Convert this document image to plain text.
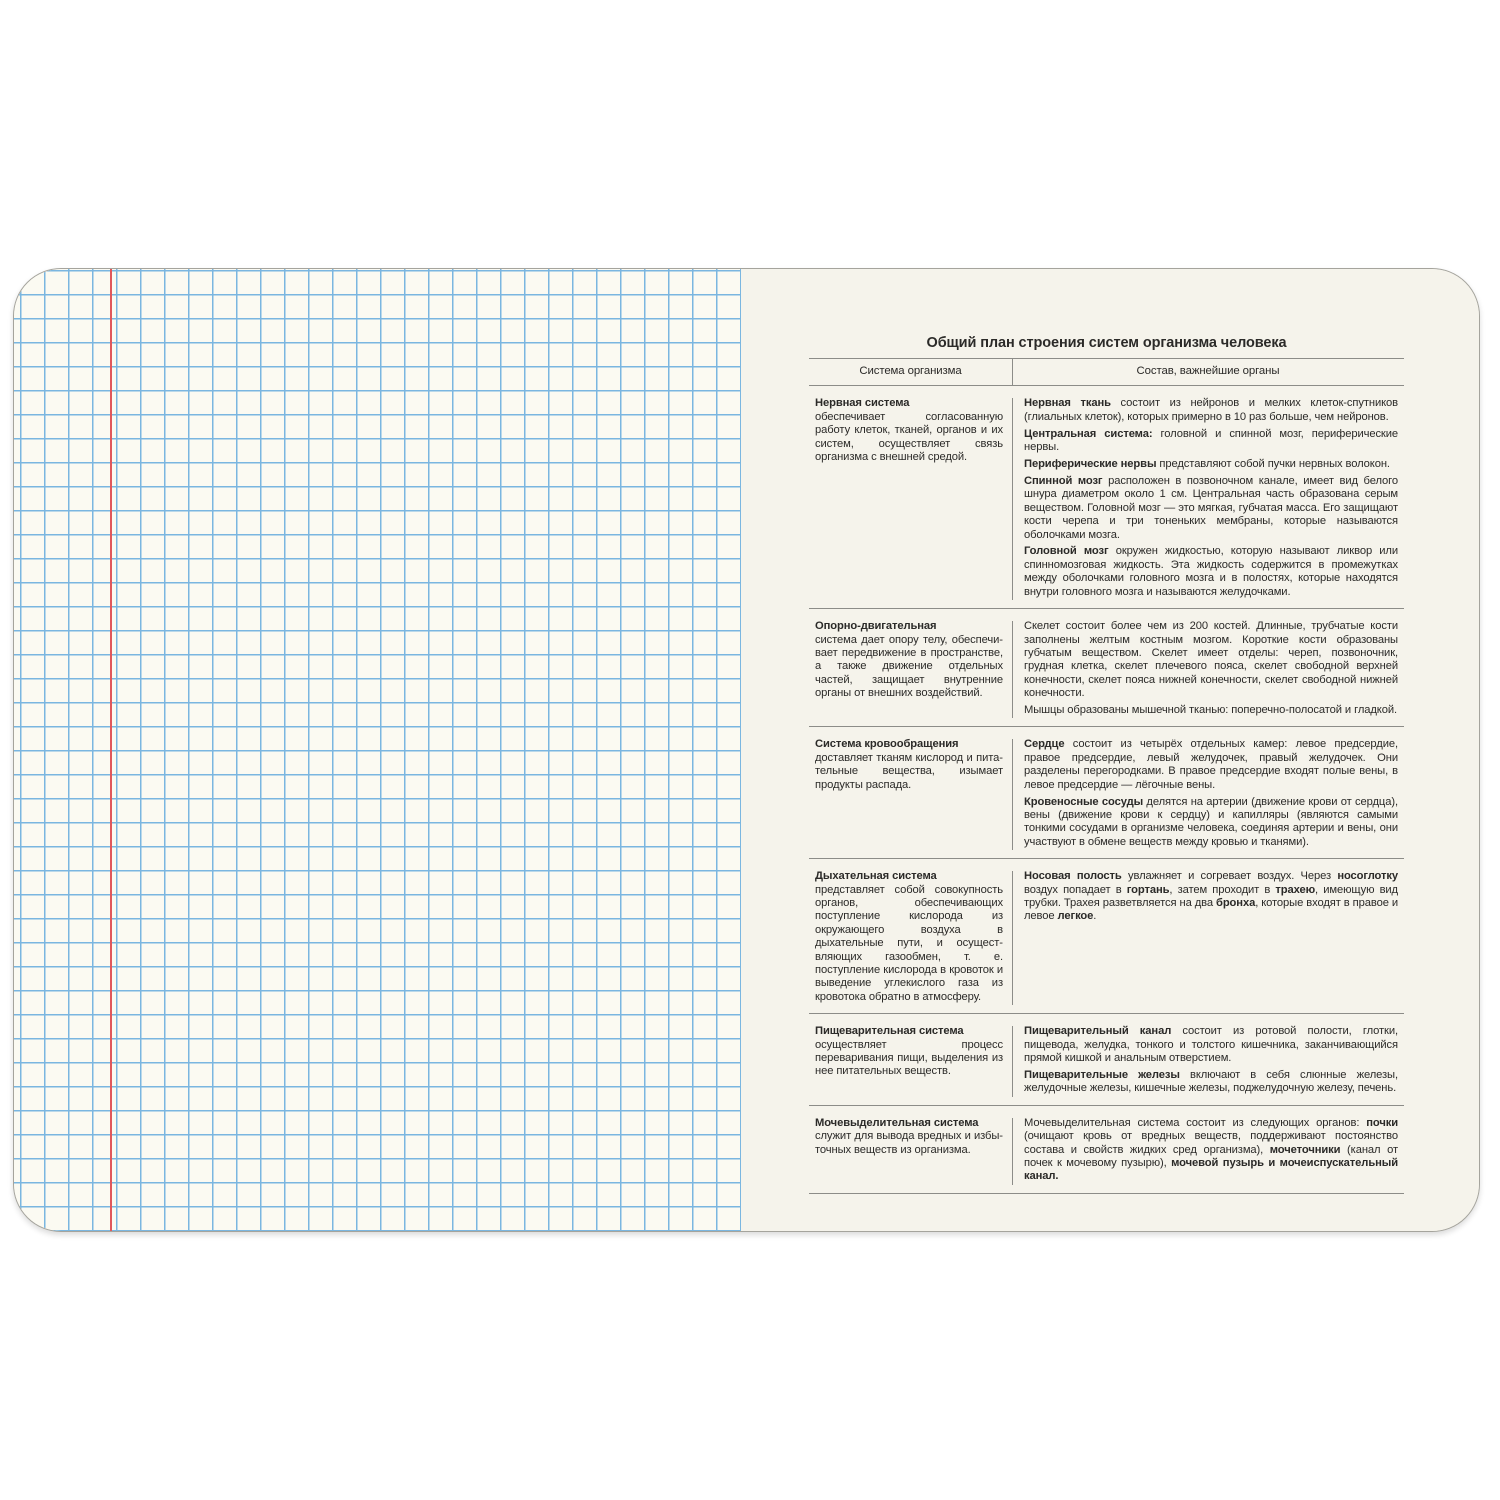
Общий план строения систем организма человека
Система организма	Состав, важнейшие органы

Нервная система
обеспечивает согласованную работу клеток, тканей, органов и их систем, осуществляет связь организма с внешней средой.

Нервная ткань состоит из нейронов и мелких клеток-спутников (глиальных клеток), которых примерно в 10 раз больше, чем нейронов.

Центральная система: головной и спинной мозг, периферические нервы.

Периферические нервы представляют собой пучки нервных волокон.

Спинной мозг расположен в позвоночном канале, имеет вид белого шнура диаметром около 1 см. Центральная часть образована серым веществом. Головной мозг — это мягкая, губчатая масса. Его защищают кости черепа и три тоненьких мембраны, которые называются оболочками мозга.

Головной мозг окружен жидкостью, которую называют ликвор или спинномозговая жидкость. Эта жидкость содержится в промежутках между оболочками головного мозга и в полостях, которые находятся внутри головного мозга и называются желудочками.

Опорно-двигательная
система дает опору телу, обеспечивает передвижение в пространстве, а также движение отдельных частей, защищает внутренние органы от внешних воздействий.

Скелет состоит более чем из 200 костей. Длинные, трубчатые кости заполнены желтым костным мозгом. Короткие кости образованы губчатым веществом. Скелет имеет отделы: череп, позвоночник, грудная клетка, скелет плечевого пояса, скелет свободной верхней конечности, скелет пояса нижней конечности, скелет свободной нижней конечности.

Мышцы образованы мышечной тканью: поперечно-полосатой и гладкой.

Система кровообращения
доставляет тканям кислород и питательные вещества, изымает продукты распада.

Сердце состоит из четырёх отдельных камер: левое предсердие, правое предсердие, левый желудочек, правый желудочек. Они разделены перегородками. В правое предсердие входят полые вены, в левое предсердие — лёгочные вены.

Кровеносные сосуды делятся на артерии (движение крови от сердца), вены (движение крови к сердцу) и капилляры (являются самыми тонкими сосудами в организме человека, соединяя артерии и вены, они участвуют в обмене веществ между кровью и тканями).

Дыхательная система
представляет собой совокупность органов, обеспечивающих поступление кислорода из окружающего воздуха в дыхательные пути, и осуществляющих газообмен, т. е. поступление кислорода в кровоток и выведение углекислого газа из кровотока обратно в атмосферу.

Носовая полость увлажняет и согревает воздух. Через носоглотку воздух попадает в гортань, затем проходит в трахею, имеющую вид трубки. Трахея разветвляется на два бронха, которые входят в правое и левое легкое.

Пищеварительная система
осуществляет процесс переваривания пищи, выделения из нее питательных веществ.

Пищеварительный канал состоит из ротовой полости, глотки, пищевода, желудка, тонкого и толстого кишечника, заканчивающийся прямой кишкой и анальным отверстием.

Пищеварительные железы включают в себя слюнные железы, желудочные железы, кишечные железы, поджелудочную железу, печень.

Мочевыделительная система
служит для вывода вредных и избыточных веществ из организма.

Мочевыделительная система состоит из следующих органов: почки (очищают кровь от вредных веществ, поддерживают постоянство состава и свойств жидких сред организма), мочеточники (канал от почек к мочевому пузырю), мочевой пузырь и мочеиспускательный канал.
